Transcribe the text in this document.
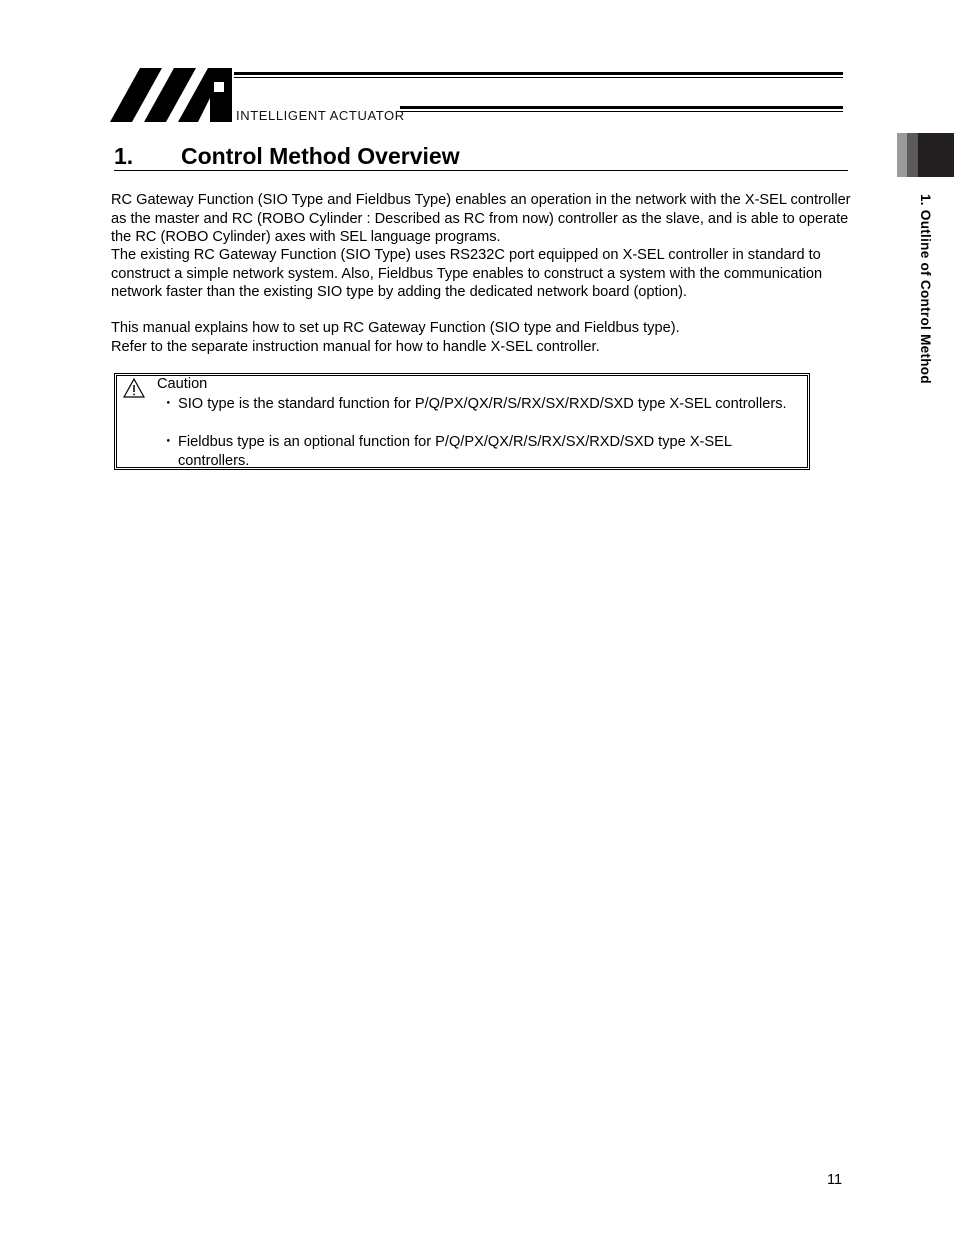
INTELLIGENT ACTUATOR
1. Control Method Overview
RC Gateway Function (SIO Type and Fieldbus Type) enables an operation in the network with the X-SEL controller as the master and RC (ROBO Cylinder : Described as RC from now) controller as the slave, and is able to operate the RC (ROBO Cylinder) axes with SEL language programs.
The existing RC Gateway Function (SIO Type) uses RS232C port equipped on X-SEL controller in standard to construct a simple network system. Also, Fieldbus Type enables to construct a system with the communication network faster than the existing SIO type by adding the dedicated network board (option).
This manual explains how to set up RC Gateway Function (SIO type and Fieldbus type).
Refer to the separate instruction manual for how to handle X-SEL controller.
Caution
・ SIO type is the standard function for P/Q/PX/QX/R/S/RX/SX/RXD/SXD type X-SEL controllers.
・ Fieldbus type is an optional function for P/Q/PX/QX/R/S/RX/SX/RXD/SXD type X-SEL controllers.
1. Outline of Control Method
11
